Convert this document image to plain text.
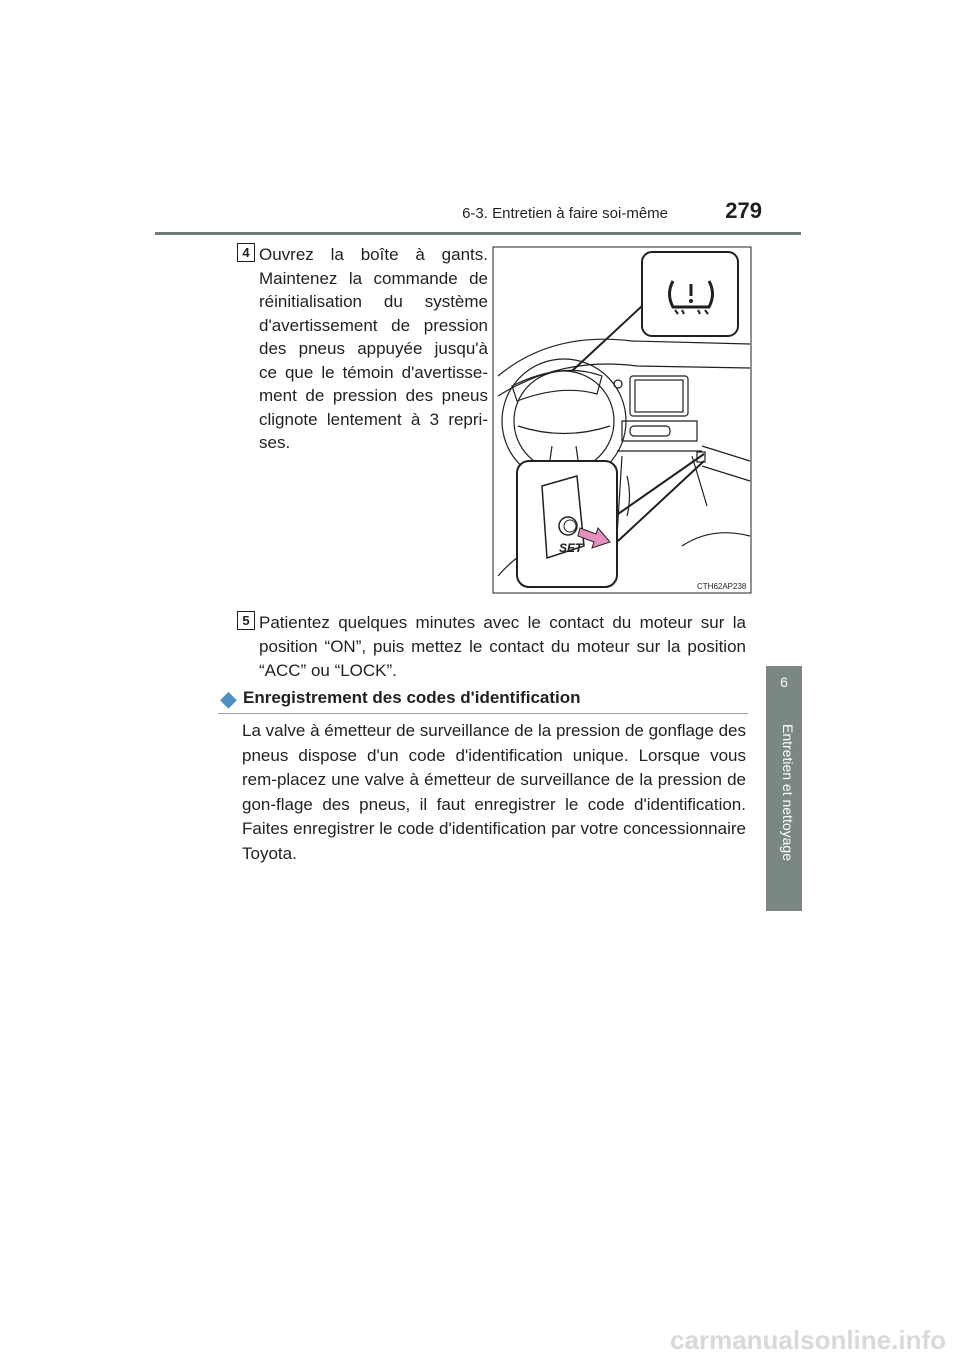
6-3. Entretien à faire soi-même	279
6
Entretien et nettoyage
4 Ouvrez la boîte à gants. Maintenez la commande de réinitialisation du système d'avertissement de pression des pneus appuyée jusqu'à ce que le témoin d'avertisse-ment de pression des pneus clignote lentement à 3 repri-ses.
SET
CTH62AP238
5 Patientez quelques minutes avec le contact du moteur sur la position “ON”, puis mettez le contact du moteur sur la position “ACC” ou “LOCK”.
◆ Enregistrement des codes d'identification
La valve à émetteur de surveillance de la pression de gonflage des pneus dispose d'un code d'identification unique. Lorsque vous rem-placez une valve à émetteur de surveillance de la pression de gon-flage des pneus, il faut enregistrer le code d'identification. Faites enregistrer le code d'identification par votre concessionnaire Toyota.
carmanualsonline.info
